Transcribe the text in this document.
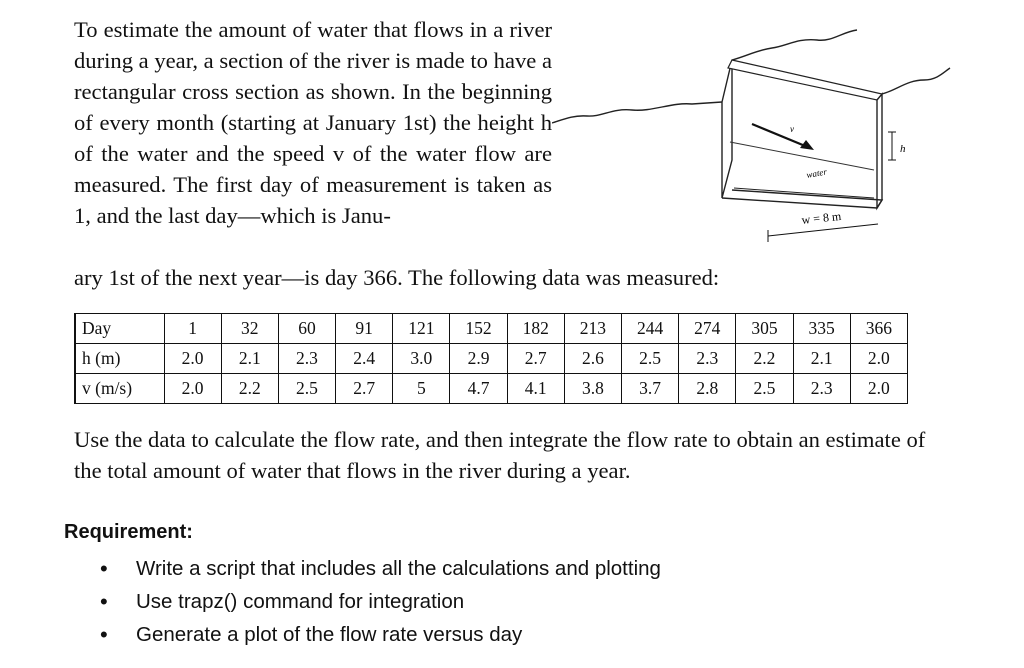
To estimate the amount of water that flows in a river during a year, a section of the river is made to have a rectangular cross section as shown. In the beginning of every month (starting at January 1st) the height h of the water and the speed v of the water flow are measured. The first day of measurement is taken as 1, and the last day—which is Janu-
ary 1st of the next year—is day 366. The following data was measured:
v
water
h
w = 8 m
Day	1	32	60	91	121	152	182	213	244	274	305	335	366
h (m)	2.0	2.1	2.3	2.4	3.0	2.9	2.7	2.6	2.5	2.3	2.2	2.1	2.0
v (m/s)	2.0	2.2	2.5	2.7	5	4.7	4.1	3.8	3.7	2.8	2.5	2.3	2.0
Use the data to calculate the flow rate, and then integrate the flow rate to obtain an estimate of the total amount of water that flows in the river during a year.
Requirement:
• Write a script that includes all the calculations and plotting
• Use trapz() command for integration
• Generate a plot of the flow rate versus day
